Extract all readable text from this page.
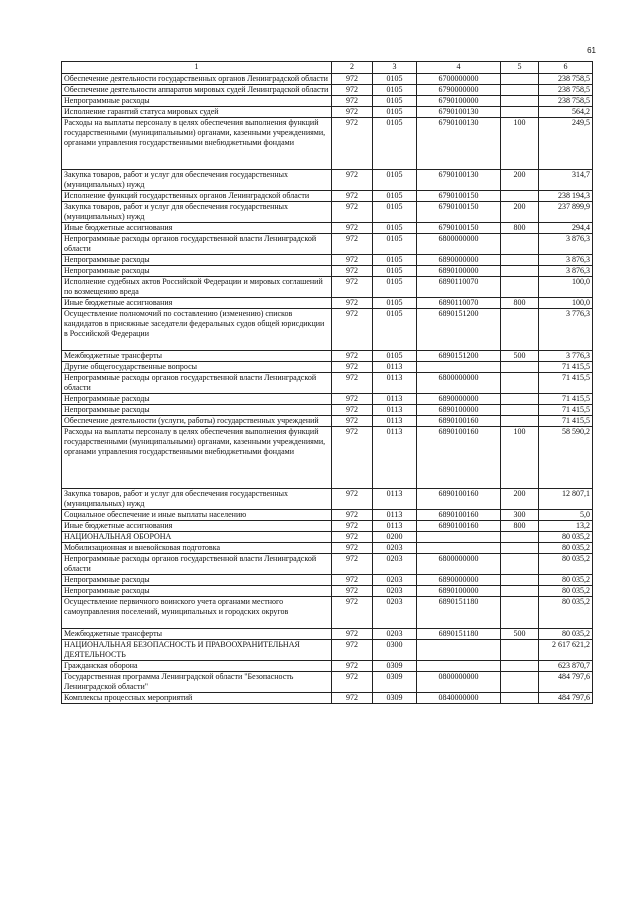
61
1	2	3	4	5	6
Обеспечение деятельности государственных органов Ленинградской области	972	0105	6700000000		238 758,5
Обеспечение деятельности аппаратов мировых судей Ленинградской области	972	0105	6790000000		238 758,5
Непрограммные расходы	972	0105	6790100000		238 758,5
Исполнение гарантий статуса мировых судей	972	0105	6790100130		564,2
Расходы на выплаты персоналу в целях обеспечения выполнения функций государственными (муниципальными) органами, казенными учреждениями, органами управления государственными внебюджетными фондами	972	0105	6790100130	100	249,5
Закупка товаров, работ и услуг для обеспечения государственных (муниципальных) нужд	972	0105	6790100130	200	314,7
Исполнение функций государственных органов Ленинградской области	972	0105	6790100150		238 194,3
Закупка товаров, работ и услуг для обеспечения государственных (муниципальных) нужд	972	0105	6790100150	200	237 899,9
Иные бюджетные ассигнования	972	0105	6790100150	800	294,4
Непрограммные расходы органов государственной власти Ленинградской области	972	0105	6800000000		3 876,3
Непрограммные расходы	972	0105	6890000000		3 876,3
Непрограммные расходы	972	0105	6890100000		3 876,3
Исполнение судебных актов Российской Федерации и мировых соглашений по возмещению вреда	972	0105	6890110070		100,0
Иные бюджетные ассигнования	972	0105	6890110070	800	100,0
Осуществление полномочий по составлению (изменению) списков кандидатов в присяжные заседатели федеральных судов общей юрисдикции в Российской Федерации	972	0105	6890151200		3 776,3
Межбюджетные трансферты	972	0105	6890151200	500	3 776,3
Другие общегосударственные вопросы	972	0113			71 415,5
Непрограммные расходы органов государственной власти Ленинградской области	972	0113	6800000000		71 415,5
Непрограммные расходы	972	0113	6890000000		71 415,5
Непрограммные расходы	972	0113	6890100000		71 415,5
Обеспечение деятельности (услуги, работы) государственных учреждений	972	0113	6890100160		71 415,5
Расходы на выплаты персоналу в целях обеспечения выполнения функций государственными (муниципальными) органами, казенными учреждениями, органами управления государственными внебюджетными фондами	972	0113	6890100160	100	58 590,2
Закупка товаров, работ и услуг для обеспечения государственных (муниципальных) нужд	972	0113	6890100160	200	12 807,1
Социальное обеспечение и иные выплаты населению	972	0113	6890100160	300	5,0
Иные бюджетные ассигнования	972	0113	6890100160	800	13,2
НАЦИОНАЛЬНАЯ ОБОРОНА	972	0200			80 035,2
Мобилизационная и вневойсковая подготовка	972	0203			80 035,2
Непрограммные расходы органов государственной власти Ленинградской области	972	0203	6800000000		80 035,2
Непрограммные расходы	972	0203	6890000000		80 035,2
Непрограммные расходы	972	0203	6890100000		80 035,2
Осуществление первичного воинского учета органами местного самоуправления поселений, муниципальных и городских округов	972	0203	6890151180		80 035,2
Межбюджетные трансферты	972	0203	6890151180	500	80 035,2
НАЦИОНАЛЬНАЯ БЕЗОПАСНОСТЬ И ПРАВООХРАНИТЕЛЬНАЯ ДЕЯТЕЛЬНОСТЬ	972	0300			2 617 621,2
Гражданская оборона	972	0309			623 870,7
Государственная программа Ленинградской области "Безопасность Ленинградской области"	972	0309	0800000000		484 797,6
Комплексы процессных мероприятий	972	0309	0840000000		484 797,6
